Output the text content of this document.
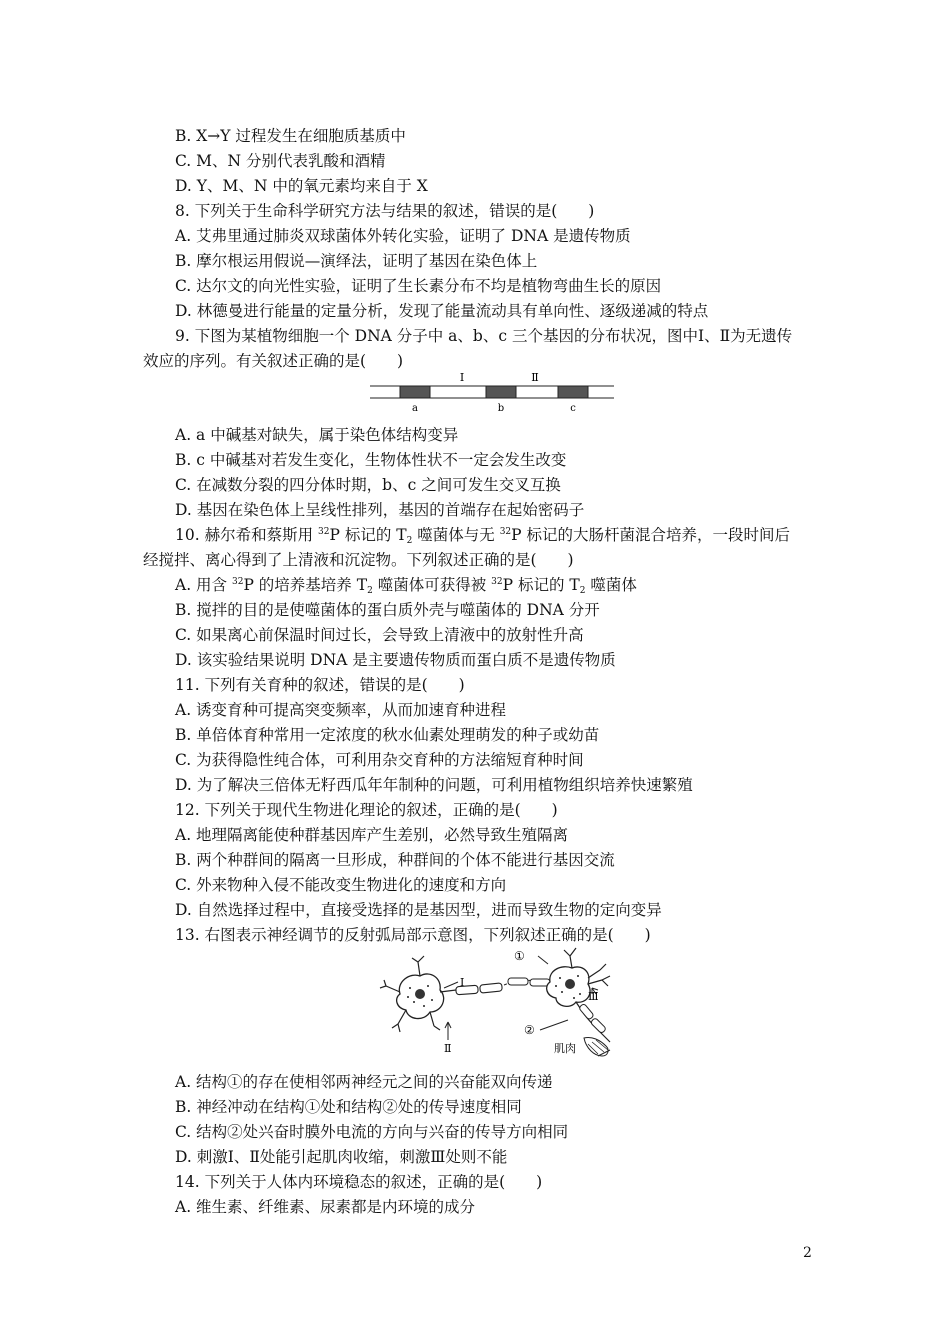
B. X→Y 过程发生在细胞质基质中
C. M、N 分别代表乳酸和酒精
D. Y、M、N 中的氧元素均来自于 X
8. 下列关于生命科学研究方法与结果的叙述，错误的是(　　)
A. 艾弗里通过肺炎双球菌体外转化实验，证明了 DNA 是遗传物质
B. 摩尔根运用假说—演绎法，证明了基因在染色体上
C. 达尔文的向光性实验，证明了生长素分布不均是植物弯曲生长的原因
D. 林德曼进行能量的定量分析，发现了能量流动具有单向性、逐级递减的特点
9. 下图为某植物细胞一个 DNA 分子中 a、b、c 三个基因的分布状况，图中Ⅰ、Ⅱ为无遗传
效应的序列。有关叙述正确的是(　　)
Ⅰ	Ⅱ
a	b	c
A. a 中碱基对缺失，属于染色体结构变异
B. c 中碱基对若发生变化，生物体性状不一定会发生改变
C. 在减数分裂的四分体时期，b、c 之间可发生交叉互换
D. 基因在染色体上呈线性排列，基因的首端存在起始密码子
10. 赫尔希和蔡斯用 $^{32}$P 标记的 $T_2$ 噬菌体与无 $^{32}$P 标记的大肠杆菌混合培养，一段时间后
经搅拌、离心得到了上清液和沉淀物。下列叙述正确的是(　　)
A. 用含 $^{32}$P 的培养基培养 $T_2$ 噬菌体可获得被 $^{32}$P 标记的 $T_2$ 噬菌体
B. 搅拌的目的是使噬菌体的蛋白质外壳与噬菌体的 DNA 分开
C. 如果离心前保温时间过长，会导致上清液中的放射性升高
D. 该实验结果说明 DNA 是主要遗传物质而蛋白质不是遗传物质
11. 下列有关育种的叙述，错误的是(　　)
A. 诱变育种可提高突变频率，从而加速育种进程
B. 单倍体育种常用一定浓度的秋水仙素处理萌发的种子或幼苗
C. 为获得隐性纯合体，可利用杂交育种的方法缩短育种时间
D. 为了解决三倍体无籽西瓜年年制种的问题，可利用植物组织培养快速繁殖
12. 下列关于现代生物进化理论的叙述，正确的是(　　)
A. 地理隔离能使种群基因库产生差别，必然导致生殖隔离
B. 两个种群间的隔离一旦形成，种群间的个体不能进行基因交流
C. 外来物种入侵不能改变生物进化的速度和方向
D. 自然选择过程中，直接受选择的是基因型，进而导致生物的定向变异
13. 右图表示神经调节的反射弧局部示意图，下列叙述正确的是(　　)
①
Ⅰ
Ⅱ
Ⅲ
②
肌肉
A. 结构①的存在使相邻两神经元之间的兴奋能双向传递
B. 神经冲动在结构①处和结构②处的传导速度相同
C. 结构②处兴奋时膜外电流的方向与兴奋的传导方向相同
D. 刺激Ⅰ、Ⅱ处能引起肌肉收缩，刺激Ⅲ处则不能
14. 下列关于人体内环境稳态的叙述，正确的是(　　)
A. 维生素、纤维素、尿素都是内环境的成分
2
